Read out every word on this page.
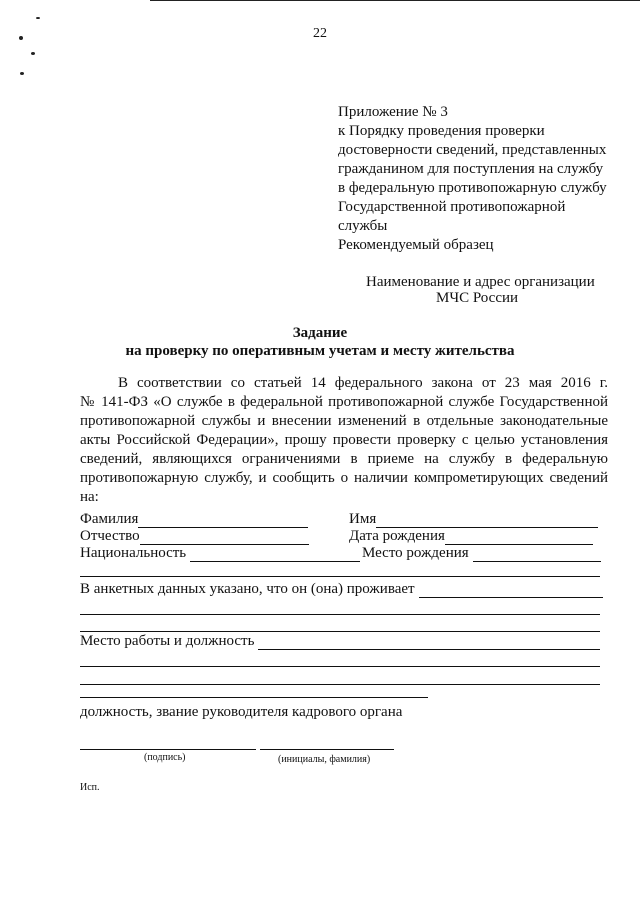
22
Приложение № 3
к Порядку проведения проверки
достоверности сведений, представленных
гражданином для поступления на службу
в федеральную противопожарную службу
Государственной противопожарной
службы
Рекомендуемый образец
Наименование и адрес организации
МЧС России
Задание
на проверку по оперативным учетам и месту жительства
В соответствии со статьей 14 федерального закона от 23 мая 2016 г.
№ 141-ФЗ «О службе в федеральной противопожарной службе Государственной
противопожарной службы и внесении изменений в отдельные законодательные
акты Российской Федерации», прошу провести проверку с целью установления
сведений, являющихся ограничениями в приеме на службу в федеральную
противопожарную службу, и сообщить о наличии компрометирующих сведений
на:
Фамилия	Имя
Отчество	Дата рождения
Национальность	Место рождения
В анкетных данных указано, что он (она) проживает
Место работы и должность
должность, звание руководителя кадрового органа
(подпись)	(инициалы, фамилия)
Исп.
